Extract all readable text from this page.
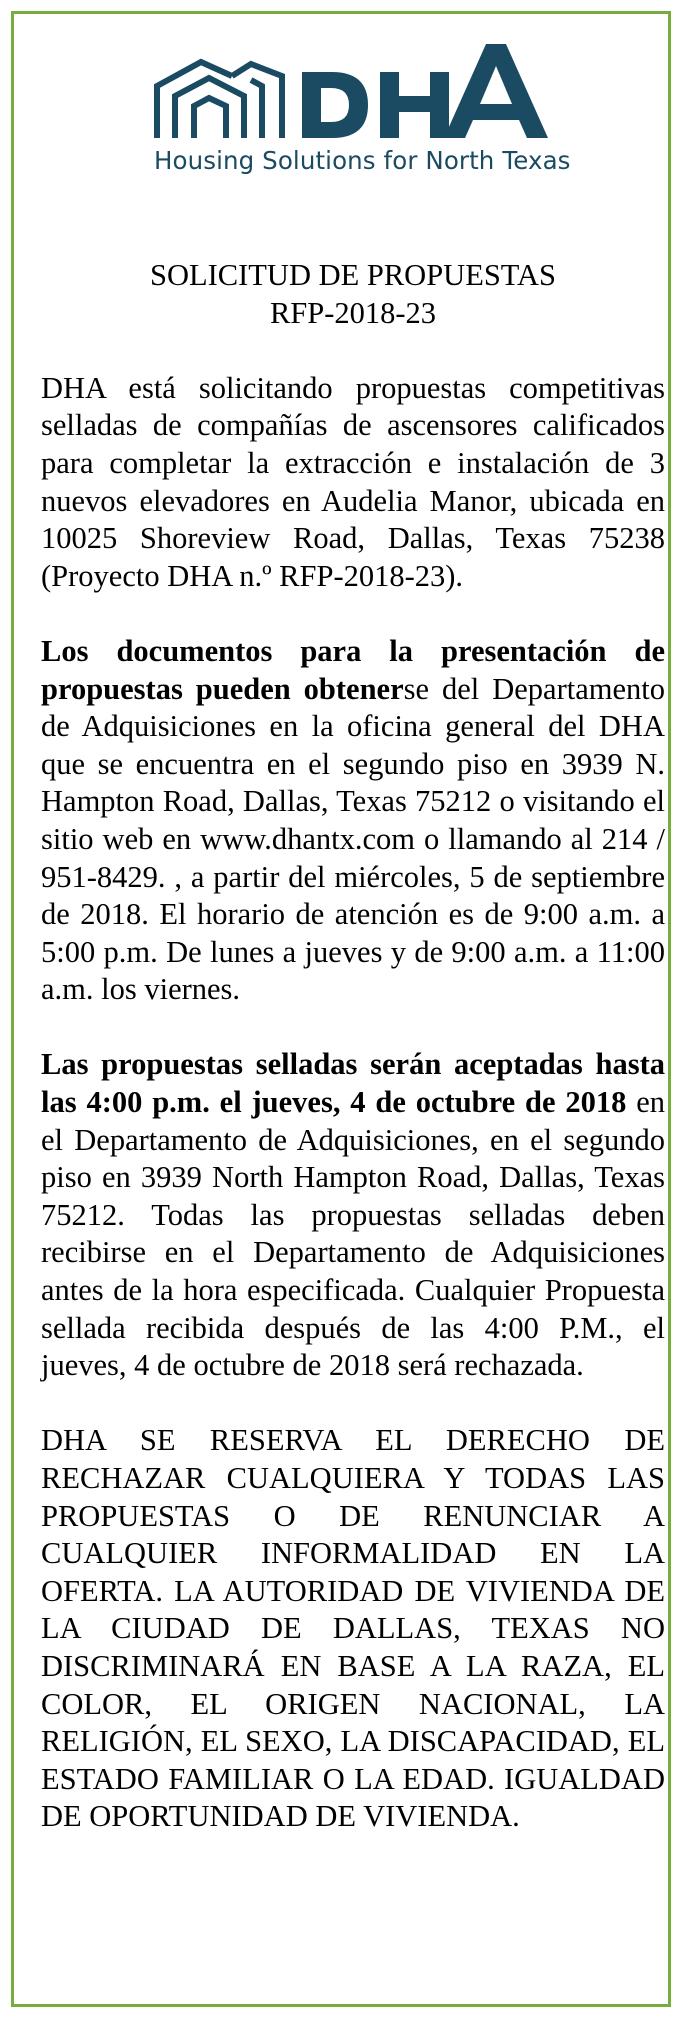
Housing Solutions for North Texas
SOLICITUD DE PROPUESTAS
RFP-2018-23

DHA está solicitando propuestas competitivas selladas de compañías de ascensores calificados para completar la extracción e instalación de 3 nuevos elevadores en Audelia Manor, ubicada en 10025 Shoreview Road, Dallas, Texas 75238 (Proyecto DHA n.º RFP-2018-23).

Los documentos para la presentación de propuestas pueden obtenerse del Departamento de Adquisiciones en la oficina general del DHA que se encuentra en el segundo piso en 3939 N. Hampton Road, Dallas, Texas 75212 o visitando el sitio web en www.dhantx.com o llamando al 214 / 951-8429. , a partir del miércoles, 5 de septiembre de 2018. El horario de atención es de 9:00 a.m. a 5:00 p.m. De lunes a jueves y de 9:00 a.m. a 11:00 a.m. los viernes.

Las propuestas selladas serán aceptadas hasta las 4:00 p.m. el jueves, 4 de octubre de 2018 en el Departamento de Adquisiciones, en el segundo piso en 3939 North Hampton Road, Dallas, Texas 75212. Todas las propuestas selladas deben recibirse en el Departamento de Adquisiciones antes de la hora especificada. Cualquier Propuesta sellada recibida después de las 4:00 P.M., el jueves, 4 de octubre de 2018 será rechazada.

DHA SE RESERVA EL DERECHO DE RECHAZAR CUALQUIERA Y TODAS LAS PROPUESTAS O DE RENUNCIAR A CUALQUIER INFORMALIDAD EN LA OFERTA. LA AUTORIDAD DE VIVIENDA DE LA CIUDAD DE DALLAS, TEXAS NO DISCRIMINARÁ EN BASE A LA RAZA, EL COLOR, EL ORIGEN NACIONAL, LA RELIGIÓN, EL SEXO, LA DISCAPACIDAD, EL ESTADO FAMILIAR O LA EDAD. IGUALDAD DE OPORTUNIDAD DE VIVIENDA.
